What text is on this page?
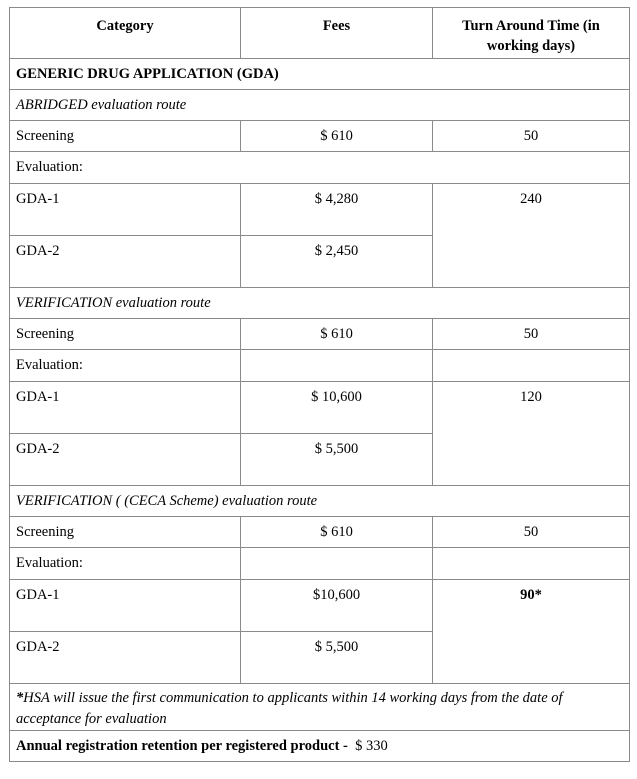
Category	Fees	Turn Around Time (in working days)
GENERIC DRUG APPLICATION (GDA)		
ABRIDGED evaluation route		
Screening	$ 610	50
Evaluation:		
GDA-1	$ 4,280	240
GDA-2	$ 2,450	
VERIFICATION evaluation route		
Screening	$ 610	50
Evaluation:		
GDA-1	$ 10,600	120
GDA-2	$ 5,500	
VERIFICATION ( (CECA Scheme) evaluation route		
Screening	$ 610	50
Evaluation:		
GDA-1	$10,600	90*
GDA-2	$ 5,500	
*HSA will issue the first communication to applicants within 14 working days from the date of acceptance for evaluation		
Annual registration retention per registered product - $ 330		
